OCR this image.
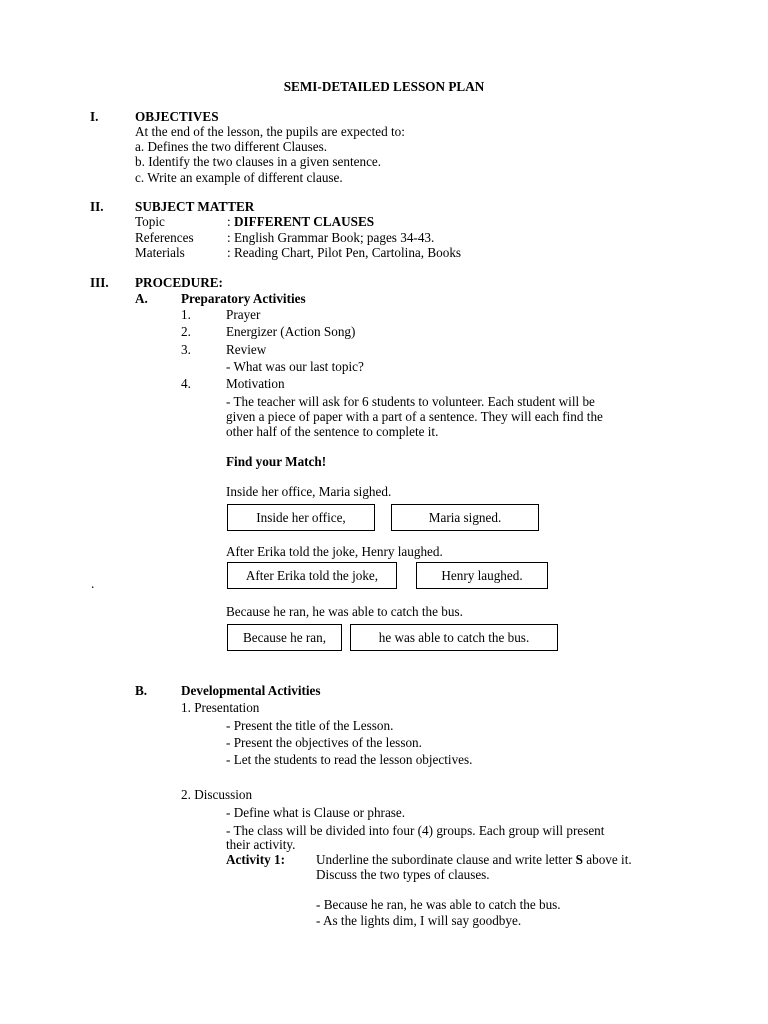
SEMI-DETAILED LESSON PLAN
I.	OBJECTIVES
At the end of the lesson, the pupils are expected to:
a. Defines the two different Clauses.
b. Identify the two clauses in a given sentence.
c. Write an example of different clause.
II. SUBJECT MATTER
Topic	: DIFFERENT CLAUSES
References	: English Grammar Book; pages 34-43.
Materials	: Reading Chart, Pilot Pen, Cartolina, Books
III. PROCEDURE:
A.	Preparatory Activities
1.	Prayer
2.	Energizer (Action Song)
3.	Review
- What was our last topic?
4.	Motivation
- The teacher will ask for 6 students to volunteer. Each student will be
given a piece of paper with a part of a sentence. They will each find the
other half of the sentence to complete it.
Find your Match!
Inside her office, Maria sighed.
Inside her office,	Maria signed.
After Erika told the joke, Henry laughed.
After Erika told the joke,	Henry laughed.
.
Because he ran, he was able to catch the bus.
Because he ran,	he was able to catch the bus.
B.	Developmental Activities
1. Presentation
- Present the title of the Lesson.
- Present the objectives of the lesson.
- Let the students to read the lesson objectives.
2. Discussion
- Define what is Clause or phrase.
- The class will be divided into four (4) groups. Each group will present
their activity.
Activity 1: Underline the subordinate clause and write letter S above it.
Discuss the two types of clauses.
- Because he ran, he was able to catch the bus.
- As the lights dim, I will say goodbye.
